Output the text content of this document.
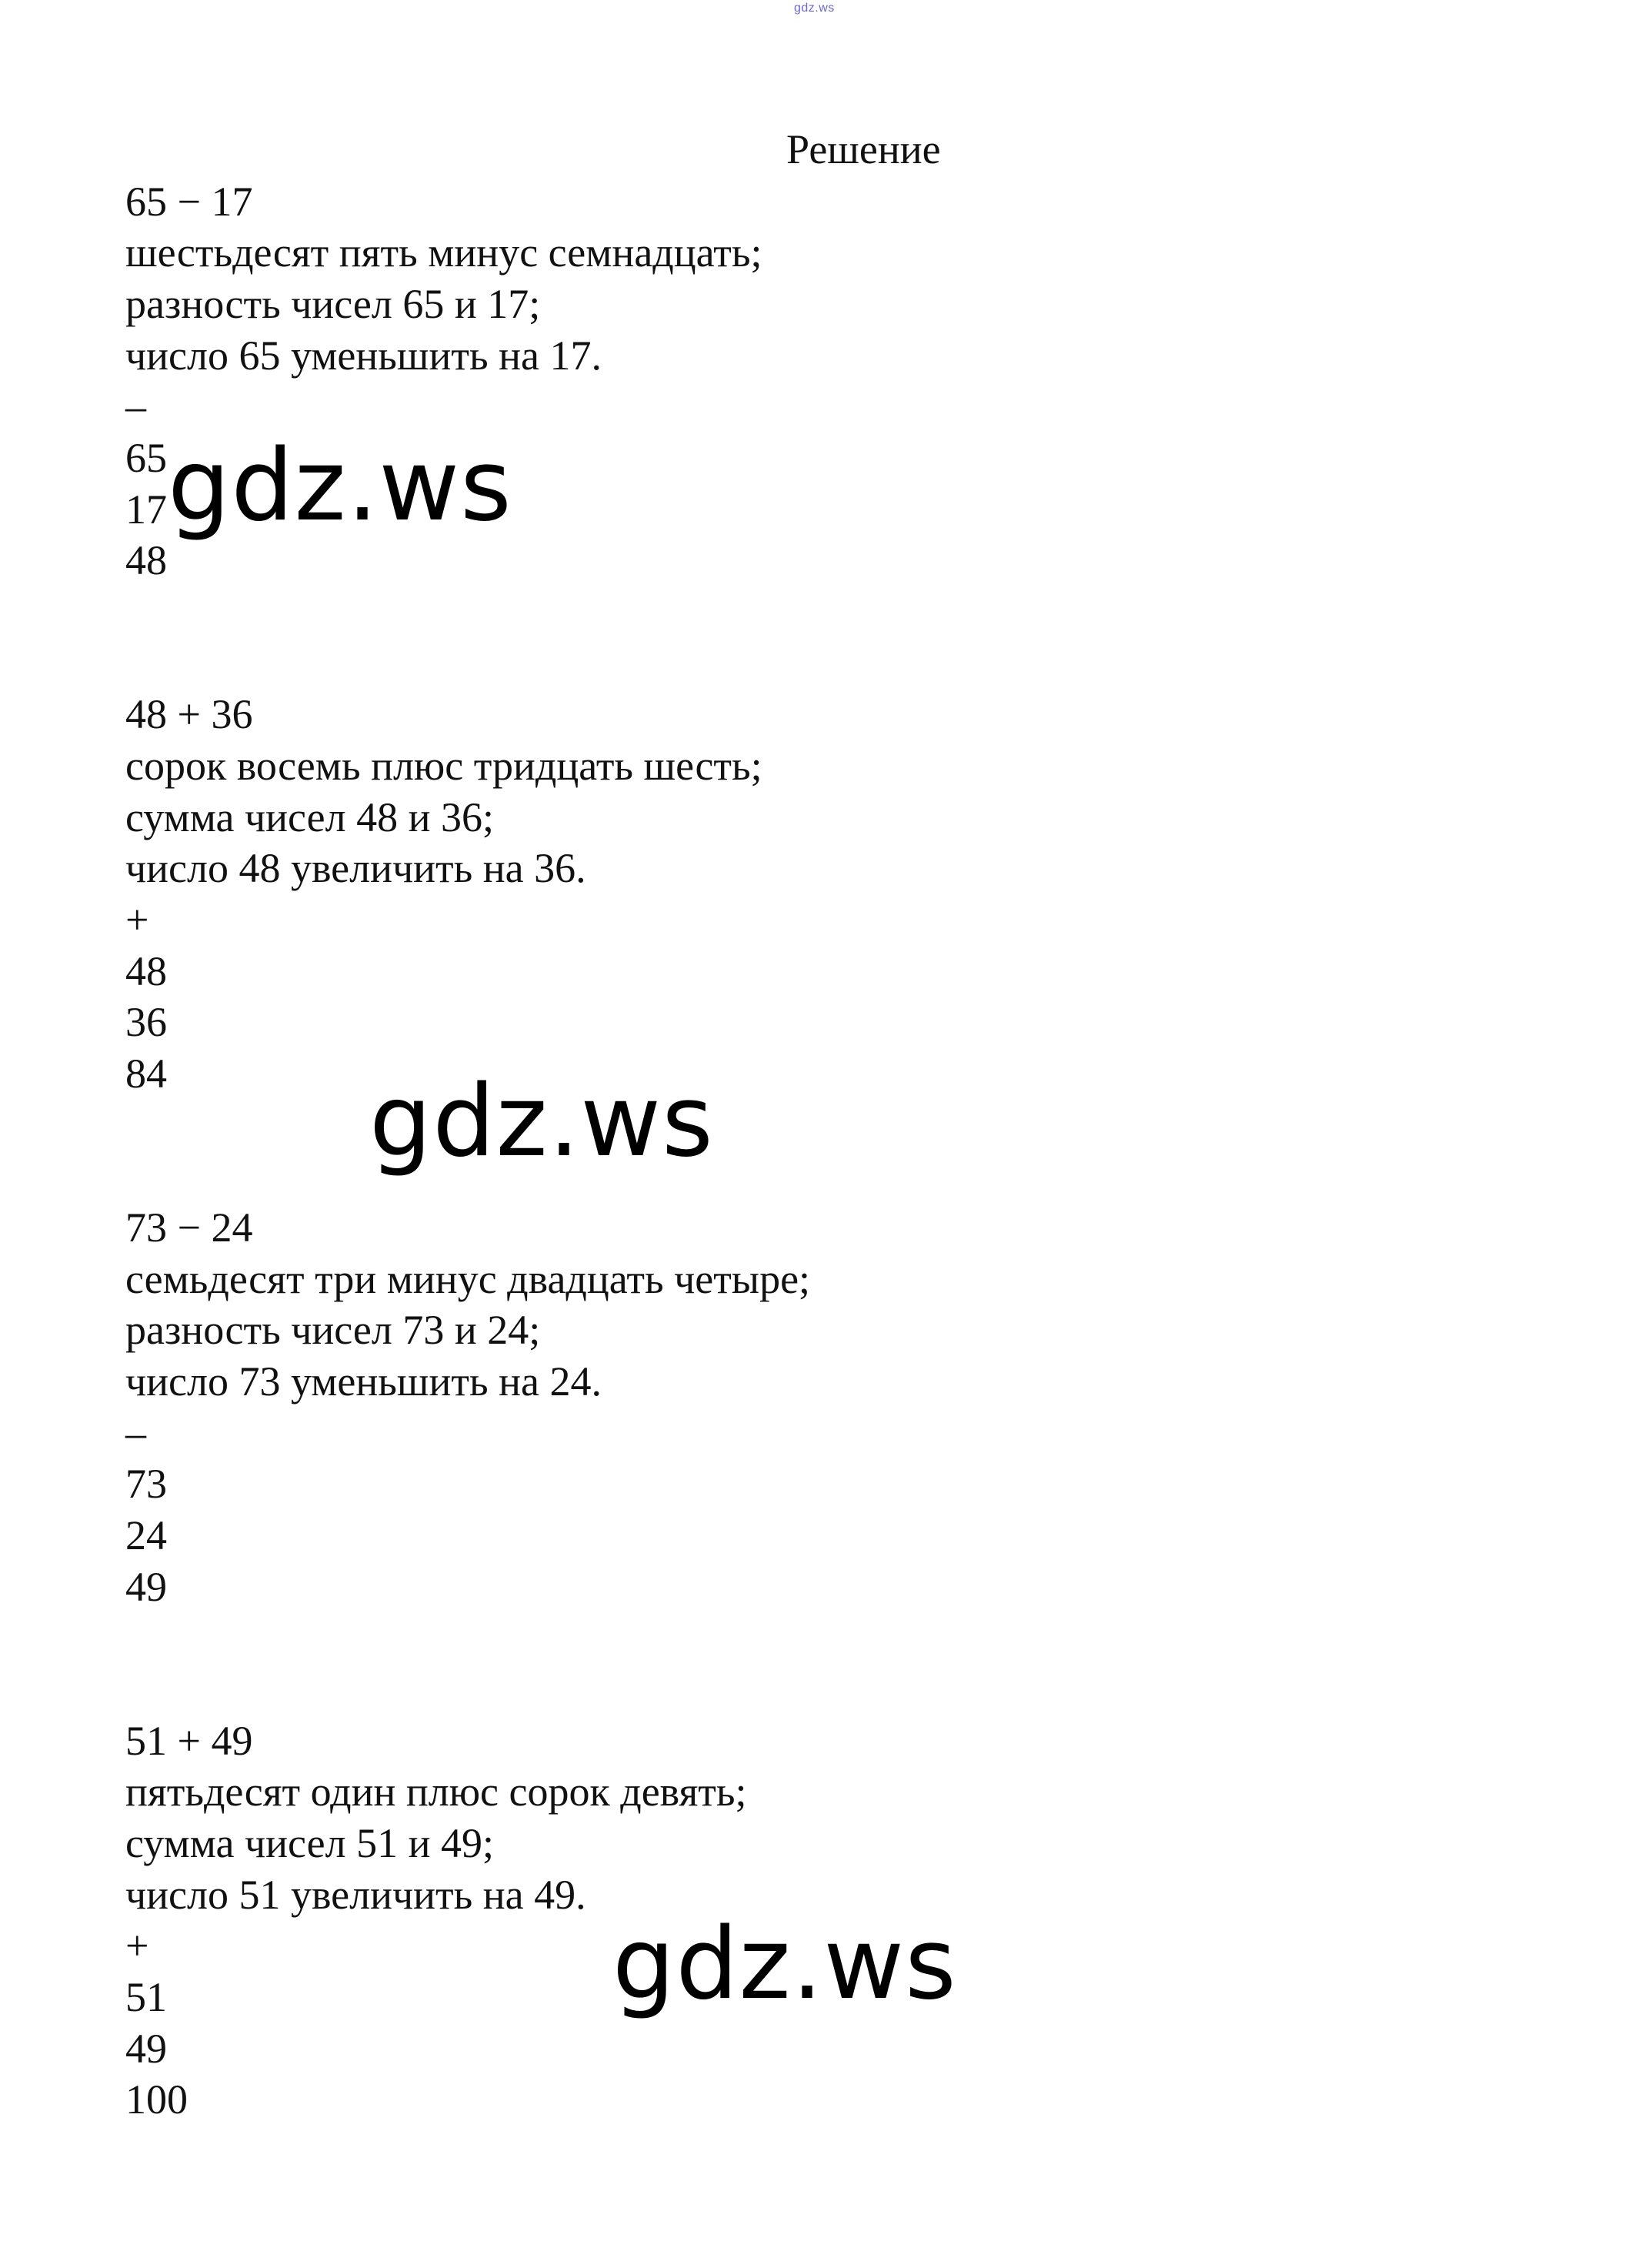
gdz.ws
Решение
65 − 17
шестьдесят пять минус семнадцать;
разность чисел 65 и 17;
число 65 уменьшить на 17.
–
65
17
48
48 + 36
сорок восемь плюс тридцать шесть;
сумма чисел 48 и 36;
число 48 увеличить на 36.
+
48
36
84
73 − 24
семьдесят три минус двадцать четыре;
разность чисел 73 и 24;
число 73 уменьшить на 24.
–
73
24
49
51 + 49
пятьдесят один плюс сорок девять;
сумма чисел 51 и 49;
число 51 увеличить на 49.
+
51
49
100
gdz.ws
gdz.ws
gdz.ws
